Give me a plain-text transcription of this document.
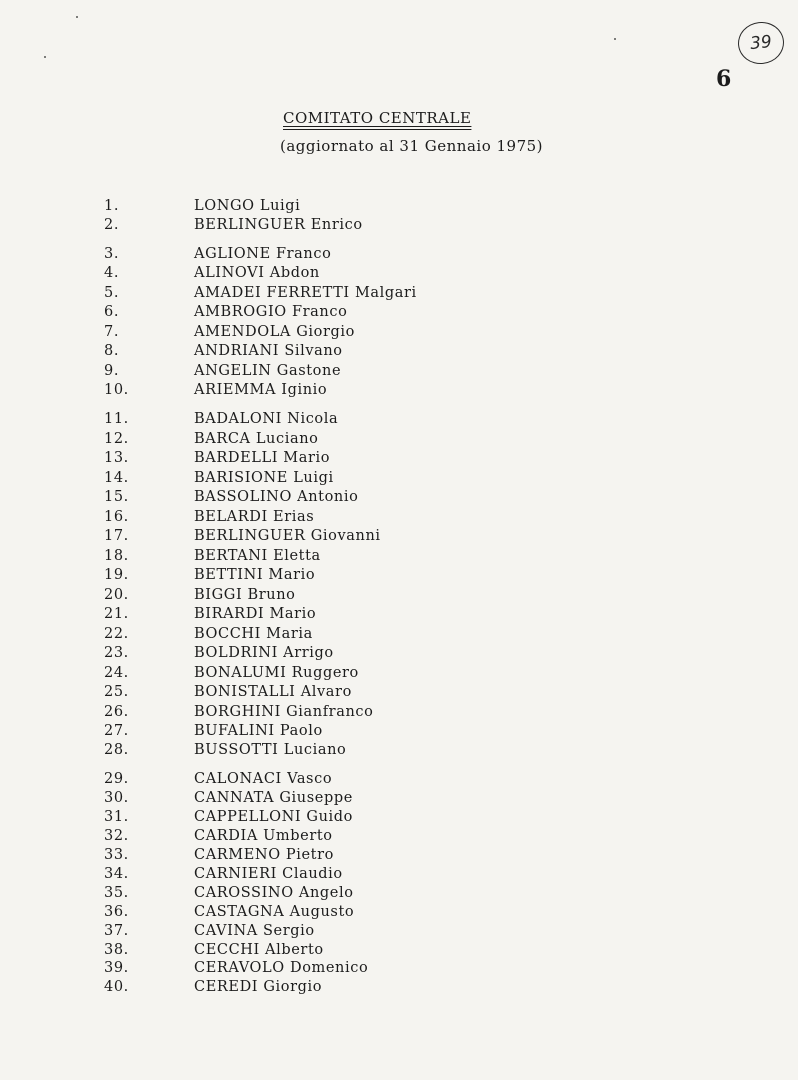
39
6
COMITATO CENTRALE
(aggiornato al 31 Gennaio 1975)
1.	LONGO Luigi
2.	BERLINGUER Enrico
3.	AGLIONE Franco
4.	ALINOVI Abdon
5.	AMADEI FERRETTI Malgari
6.	AMBROGIO Franco
7.	AMENDOLA Giorgio
8.	ANDRIANI Silvano
9.	ANGELIN Gastone
10.	ARIEMMA Iginio
11.	BADALONI Nicola
12.	BARCA Luciano
13.	BARDELLI Mario
14.	BARISIONE Luigi
15.	BASSOLINO Antonio
16.	BELARDI Erias
17.	BERLINGUER Giovanni
18.	BERTANI Eletta
19.	BETTINI Mario
20.	BIGGI Bruno
21.	BIRARDI Mario
22.	BOCCHI Maria
23.	BOLDRINI Arrigo
24.	BONALUMI Ruggero
25.	BONISTALLI Alvaro
26.	BORGHINI Gianfranco
27.	BUFALINI Paolo
28.	BUSSOTTI Luciano
29.	CALONACI Vasco
30.	CANNATA Giuseppe
31.	CAPPELLONI Guido
32.	CARDIA Umberto
33.	CARMENO Pietro
34.	CARNIERI Claudio
35.	CAROSSINO Angelo
36.	CASTAGNA Augusto
37.	CAVINA Sergio
38.	CECCHI Alberto
39.	CERAVOLO Domenico
40.	CEREDI Giorgio
